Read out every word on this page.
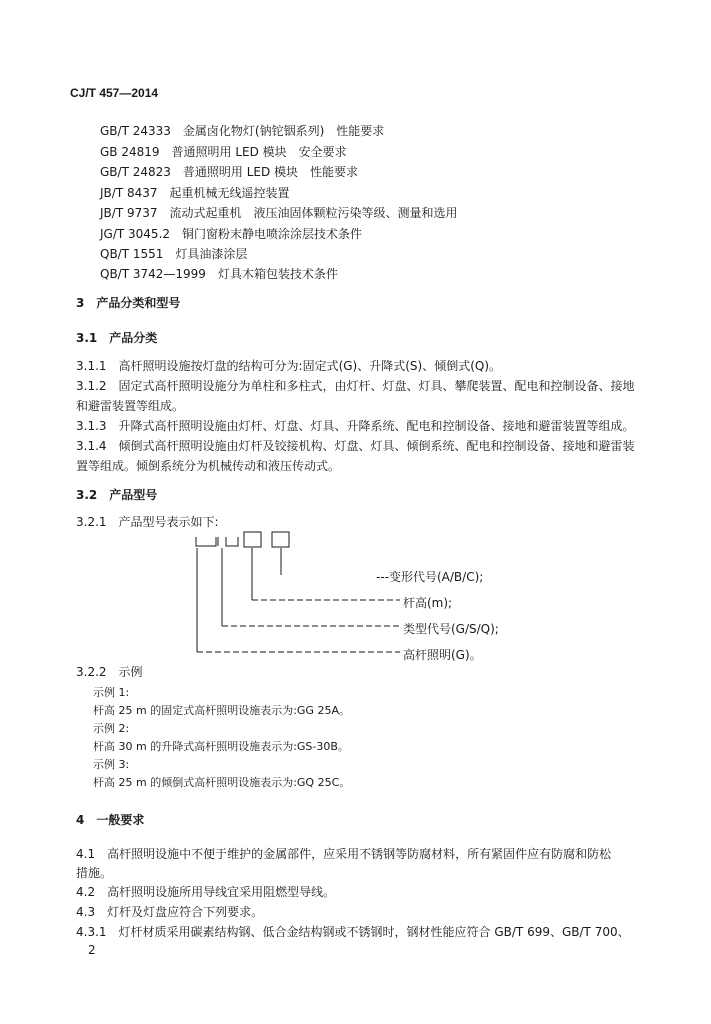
CJ/T 457—2014
GB/T 24333　金属卤化物灯(钠铊铟系列)　性能要求
GB 24819　普通照明用 LED 模块　安全要求
GB/T 24823　普通照明用 LED 模块　性能要求
JB/T 8437　起重机械无线遥控装置
JB/T 9737　流动式起重机　液压油固体颗粒污染等级、测量和选用
JG/T 3045.2　铜门窗粉末静电喷涂涂层技术条件
QB/T 1551　灯具油漆涂层
QB/T 3742—1999　灯具木箱包装技术条件
3　产品分类和型号
3.1　产品分类
3.1.1　高杆照明设施按灯盘的结构可分为:固定式(G)、升降式(S)、倾倒式(Q)。
3.1.2　固定式高杆照明设施分为单柱和多柱式，由灯杆、灯盘、灯具、攀爬装置、配电和控制设备、接地
和避雷装置等组成。
3.1.3　升降式高杆照明设施由灯杆、灯盘、灯具、升降系统、配电和控制设备、接地和避雷装置等组成。
3.1.4　倾倒式高杆照明设施由灯杆及铰接机构、灯盘、灯具、倾倒系统、配电和控制设备、接地和避雷装
置等组成。倾倒系统分为机械传动和液压传动式。
3.2　产品型号
3.2.1　产品型号表示如下:
---变形代号(A/B/C);
杆高(m);
类型代号(G/S/Q);
高杆照明(G)。
3.2.2　示例
示例 1:
杆高 25 m 的固定式高杆照明设施表示为:GG 25A。
示例 2:
杆高 30 m 的升降式高杆照明设施表示为:GS-30B。
示例 3:
杆高 25 m 的倾倒式高杆照明设施表示为:GQ 25C。
4　一般要求
4.1　高杆照明设施中不便于维护的金属部件，应采用不锈钢等防腐材料，所有紧固件应有防腐和防松
措施。
4.2　高杆照明设施所用导线宜采用阻燃型导线。
4.3　灯杆及灯盘应符合下列要求。
4.3.1　灯杆材质采用碳素结构钢、低合金结构钢或不锈钢时，钢材性能应符合 GB/T 699、GB/T 700、
2
